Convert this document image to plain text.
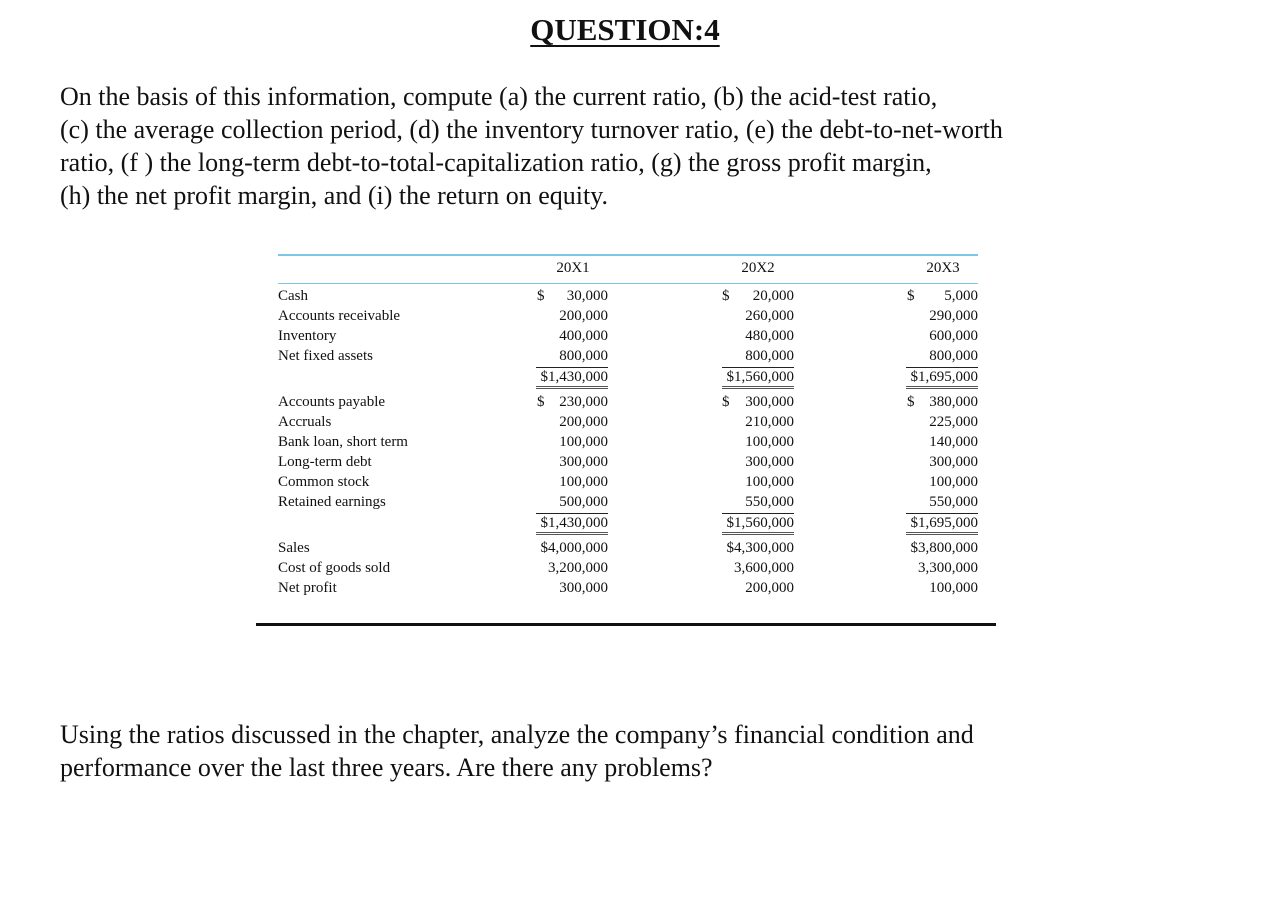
QUESTION:4
On the basis of this information, compute (a) the current ratio, (b) the acid-test ratio,
(c) the average collection period, (d) the inventory turnover ratio, (e) the debt-to-net-worth
ratio, (f ) the long-term debt-to-total-capitalization ratio, (g) the gross profit margin,
(h) the net profit margin, and (i) the return on equity.
20X1	20X2	20X3
Cash	$	30,000	$	20,000	$	5,000
Accounts receivable	200,000	260,000	290,000
Inventory	400,000	480,000	600,000
Net fixed assets	800,000	800,000	800,000
$1,430,000	$1,560,000	$1,695,000
Accounts payable	$ 230,000	$	300,000	$ 380,000
Accruals	200,000	210,000	225,000
Bank loan, short term	100,000	100,000	140,000
Long-term debt	300,000	300,000	300,000
Common stock	100,000	100,000	100,000
Retained earnings	500,000	550,000	550,000
$1,430,000	$1,560,000	$1,695,000
Sales	$4,000,000	$4,300,000	$3,800,000
Cost of goods sold	3,200,000	3,600,000	3,300,000
Net profit	300,000	200,000	100,000
Using the ratios discussed in the chapter, analyze the company’s financial condition and
performance over the last three years. Are there any problems?
